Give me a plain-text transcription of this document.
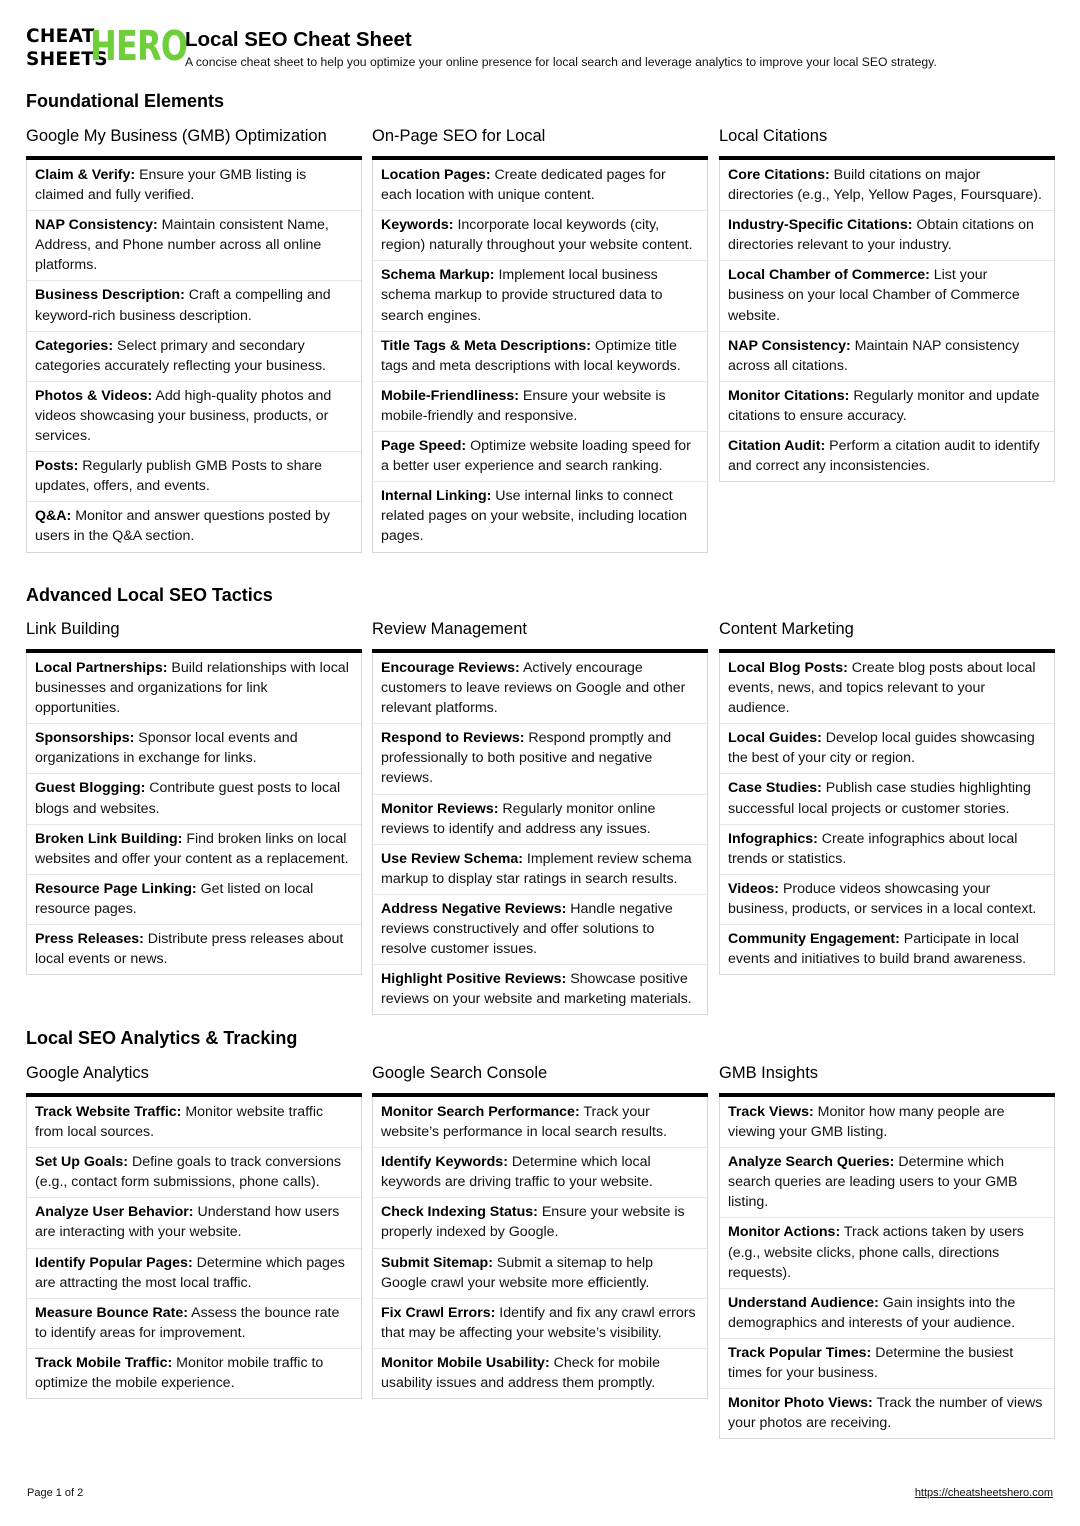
CHEAT
SHEETS
HERO
Local SEO Cheat Sheet
A concise cheat sheet to help you optimize your online presence for local search and leverage analytics to improve your local SEO strategy.
Foundational Elements
Google My Business (GMB) Optimization
Claim & Verify: Ensure your GMB listing is claimed and fully verified.
NAP Consistency: Maintain consistent Name, Address, and Phone number across all online platforms.
Business Description: Craft a compelling and keyword-rich business description.
Categories: Select primary and secondary categories accurately reflecting your business.
Photos & Videos: Add high-quality photos and videos showcasing your business, products, or services.
Posts: Regularly publish GMB Posts to share updates, offers, and events.
Q&A: Monitor and answer questions posted by users in the Q&A section.
On-Page SEO for Local
Location Pages: Create dedicated pages for each location with unique content.
Keywords: Incorporate local keywords (city, region) naturally throughout your website content.
Schema Markup: Implement local business schema markup to provide structured data to search engines.
Title Tags & Meta Descriptions: Optimize title tags and meta descriptions with local keywords.
Mobile-Friendliness: Ensure your website is mobile-friendly and responsive.
Page Speed: Optimize website loading speed for a better user experience and search ranking.
Internal Linking: Use internal links to connect related pages on your website, including location pages.
Local Citations
Core Citations: Build citations on major directories (e.g., Yelp, Yellow Pages, Foursquare).
Industry-Specific Citations: Obtain citations on directories relevant to your industry.
Local Chamber of Commerce: List your business on your local Chamber of Commerce website.
NAP Consistency: Maintain NAP consistency across all citations.
Monitor Citations: Regularly monitor and update citations to ensure accuracy.
Citation Audit: Perform a citation audit to identify and correct any inconsistencies.
Advanced Local SEO Tactics
Link Building
Local Partnerships: Build relationships with local businesses and organizations for link opportunities.
Sponsorships: Sponsor local events and organizations in exchange for links.
Guest Blogging: Contribute guest posts to local blogs and websites.
Broken Link Building: Find broken links on local websites and offer your content as a replacement.
Resource Page Linking: Get listed on local resource pages.
Press Releases: Distribute press releases about local events or news.
Review Management
Encourage Reviews: Actively encourage customers to leave reviews on Google and other relevant platforms.
Respond to Reviews: Respond promptly and professionally to both positive and negative reviews.
Monitor Reviews: Regularly monitor online reviews to identify and address any issues.
Use Review Schema: Implement review schema markup to display star ratings in search results.
Address Negative Reviews: Handle negative reviews constructively and offer solutions to resolve customer issues.
Highlight Positive Reviews: Showcase positive reviews on your website and marketing materials.
Content Marketing
Local Blog Posts: Create blog posts about local events, news, and topics relevant to your audience.
Local Guides: Develop local guides showcasing the best of your city or region.
Case Studies: Publish case studies highlighting successful local projects or customer stories.
Infographics: Create infographics about local trends or statistics.
Videos: Produce videos showcasing your business, products, or services in a local context.
Community Engagement: Participate in local events and initiatives to build brand awareness.
Local SEO Analytics & Tracking
Google Analytics
Track Website Traffic: Monitor website traffic from local sources.
Set Up Goals: Define goals to track conversions (e.g., contact form submissions, phone calls).
Analyze User Behavior: Understand how users are interacting with your website.
Identify Popular Pages: Determine which pages are attracting the most local traffic.
Measure Bounce Rate: Assess the bounce rate to identify areas for improvement.
Track Mobile Traffic: Monitor mobile traffic to optimize the mobile experience.
Google Search Console
Monitor Search Performance: Track your website’s performance in local search results.
Identify Keywords: Determine which local keywords are driving traffic to your website.
Check Indexing Status: Ensure your website is properly indexed by Google.
Submit Sitemap: Submit a sitemap to help Google crawl your website more efficiently.
Fix Crawl Errors: Identify and fix any crawl errors that may be affecting your website’s visibility.
Monitor Mobile Usability: Check for mobile usability issues and address them promptly.
GMB Insights
Track Views: Monitor how many people are viewing your GMB listing.
Analyze Search Queries: Determine which search queries are leading users to your GMB listing.
Monitor Actions: Track actions taken by users (e.g., website clicks, phone calls, directions requests).
Understand Audience: Gain insights into the demographics and interests of your audience.
Track Popular Times: Determine the busiest times for your business.
Monitor Photo Views: Track the number of views your photos are receiving.
Page 1 of 2	https://cheatsheetshero.com
